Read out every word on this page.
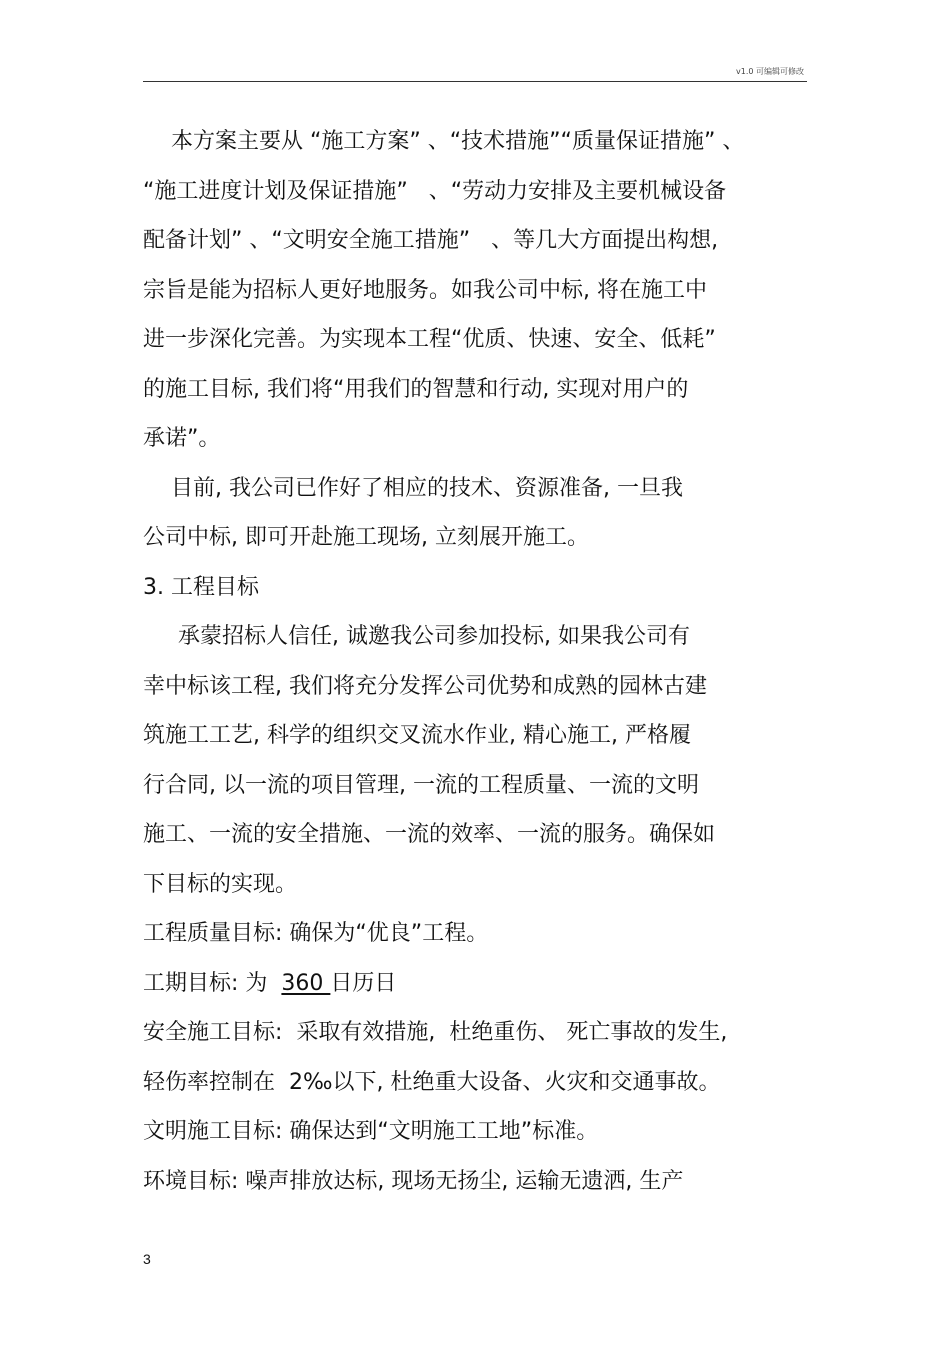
v1.0 可编辑可修改
本方案主要从 “施工方案” 、“技术措施”“质量保证措施” 、
“施工进度计划及保证措施”   、“劳动力安排及主要机械设备
配备计划” 、“文明安全施工措施”   、等几大方面提出构想,
宗旨是能为招标人更好地服务。如我公司中标, 将在施工中
进一步深化完善。为实现本工程“优质、快速、安全、低耗”
的施工目标, 我们将“用我们的智慧和行动, 实现对用户的
承诺”。
目前, 我公司已作好了相应的技术、资源准备, 一旦我
公司中标, 即可开赴施工现场, 立刻展开施工。
3. 工程目标
承蒙招标人信任, 诚邀我公司参加投标, 如果我公司有
幸中标该工程, 我们将充分发挥公司优势和成熟的园林古建
筑施工工艺, 科学的组织交叉流水作业, 精心施工, 严格履
行合同, 以一流的项目管理, 一流的工程质量、一流的文明
施工、一流的安全措施、一流的效率、一流的服务。确保如
下目标的实现。
工程质量目标: 确保为“优良”工程。
工期目标: 为  360 日历日
安全施工目标:  采取有效措施,  杜绝重伤、 死亡事故的发生,
轻伤率控制在  2‰以下, 杜绝重大设备、火灾和交通事故。
文明施工目标: 确保达到“文明施工工地”标准。
环境目标: 噪声排放达标, 现场无扬尘, 运输无遗洒, 生产
3
